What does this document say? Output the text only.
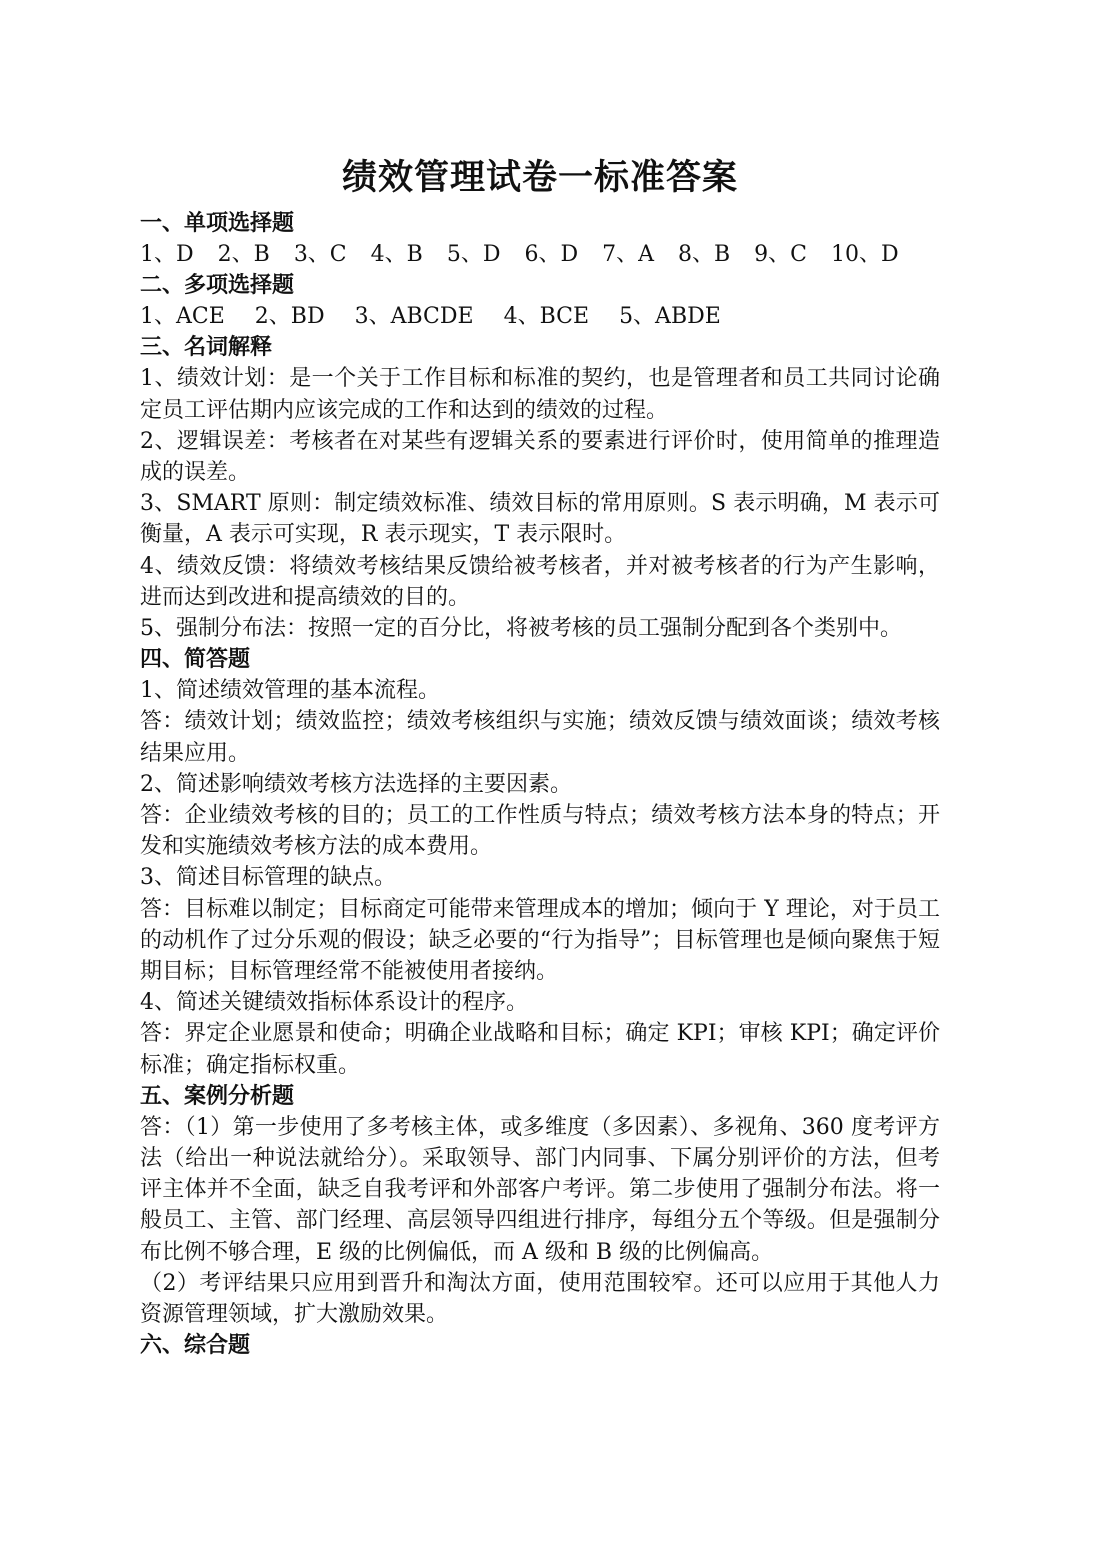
绩效管理试卷一标准答案
一、单项选择题
1、D 2、B 3、C 4、B 5、D 6、D 7、A 8、B 9、C 10、D
二、多项选择题
1、ACE 2、BD 3、ABCDE 4、BCE 5、ABDE
三、名词解释
1、绩效计划：是一个关于工作目标和标准的契约，也是管理者和员工共同讨论确定员工评估期内应该完成的工作和达到的绩效的过程。
2、逻辑误差：考核者在对某些有逻辑关系的要素进行评价时，使用简单的推理造成的误差。
3、SMART 原则：制定绩效标准、绩效目标的常用原则。S 表示明确，M 表示可衡量，A 表示可实现，R 表示现实，T 表示限时。
4、绩效反馈：将绩效考核结果反馈给被考核者，并对被考核者的行为产生影响，进而达到改进和提高绩效的目的。
5、强制分布法：按照一定的百分比，将被考核的员工强制分配到各个类别中。
四、简答题
1、简述绩效管理的基本流程。
答：绩效计划；绩效监控；绩效考核组织与实施；绩效反馈与绩效面谈；绩效考核结果应用。
2、简述影响绩效考核方法选择的主要因素。
答：企业绩效考核的目的；员工的工作性质与特点；绩效考核方法本身的特点；开发和实施绩效考核方法的成本费用。
3、简述目标管理的缺点。
答：目标难以制定；目标商定可能带来管理成本的增加；倾向于 Y 理论，对于员工的动机作了过分乐观的假设；缺乏必要的“行为指导”；目标管理也是倾向聚焦于短期目标；目标管理经常不能被使用者接纳。
4、简述关键绩效指标体系设计的程序。
答：界定企业愿景和使命；明确企业战略和目标；确定 KPI；审核 KPI；确定评价标准；确定指标权重。
五、案例分析题
答：（1）第一步使用了多考核主体，或多维度（多因素）、多视角、360 度考评方法（给出一种说法就给分）。采取领导、部门内同事、下属分别评价的方法，但考评主体并不全面，缺乏自我考评和外部客户考评。第二步使用了强制分布法。将一般员工、主管、部门经理、高层领导四组进行排序，每组分五个等级。但是强制分布比例不够合理，E 级的比例偏低，而 A 级和 B 级的比例偏高。
（2）考评结果只应用到晋升和淘汰方面，使用范围较窄。还可以应用于其他人力资源管理领域，扩大激励效果。
六、综合题
